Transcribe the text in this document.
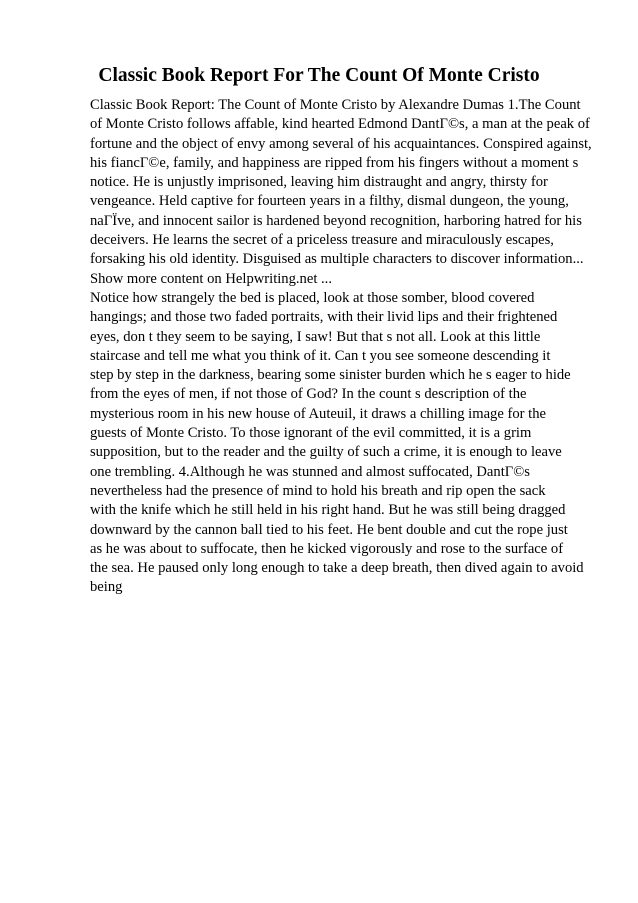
Classic Book Report For The Count Of Monte Cristo
Classic Book Report: The Count of Monte Cristo by Alexandre Dumas 1.The Count
of Monte Cristo follows affable, kind hearted Edmond DantГ©s, a man at the peak of
fortune and the object of envy among several of his acquaintances. Conspired against,
his fiancГ©e, family, and happiness are ripped from his fingers without a moment s
notice. He is unjustly imprisoned, leaving him distraught and angry, thirsty for
vengeance. Held captive for fourteen years in a filthy, dismal dungeon, the young,
naГЇve, and innocent sailor is hardened beyond recognition, harboring hatred for his
deceivers. He learns the secret of a priceless treasure and miraculously escapes,
forsaking his old identity. Disguised as multiple characters to discover information...
Show more content on Helpwriting.net ...
Notice how strangely the bed is placed, look at those somber, blood covered
hangings; and those two faded portraits, with their livid lips and their frightened
eyes, don t they seem to be saying, I saw! But that s not all. Look at this little
staircase and tell me what you think of it. Can t you see someone descending it
step by step in the darkness, bearing some sinister burden which he s eager to hide
from the eyes of men, if not those of God? In the count s description of the
mysterious room in his new house of Auteuil, it draws a chilling image for the
guests of Monte Cristo. To those ignorant of the evil committed, it is a grim
supposition, but to the reader and the guilty of such a crime, it is enough to leave
one trembling. 4.Although he was stunned and almost suffocated, DantГ©s
nevertheless had the presence of mind to hold his breath and rip open the sack
with the knife which he still held in his right hand. But he was still being dragged
downward by the cannon ball tied to his feet. He bent double and cut the rope just
as he was about to suffocate, then he kicked vigorously and rose to the surface of
the sea. He paused only long enough to take a deep breath, then dived again to avoid
being
